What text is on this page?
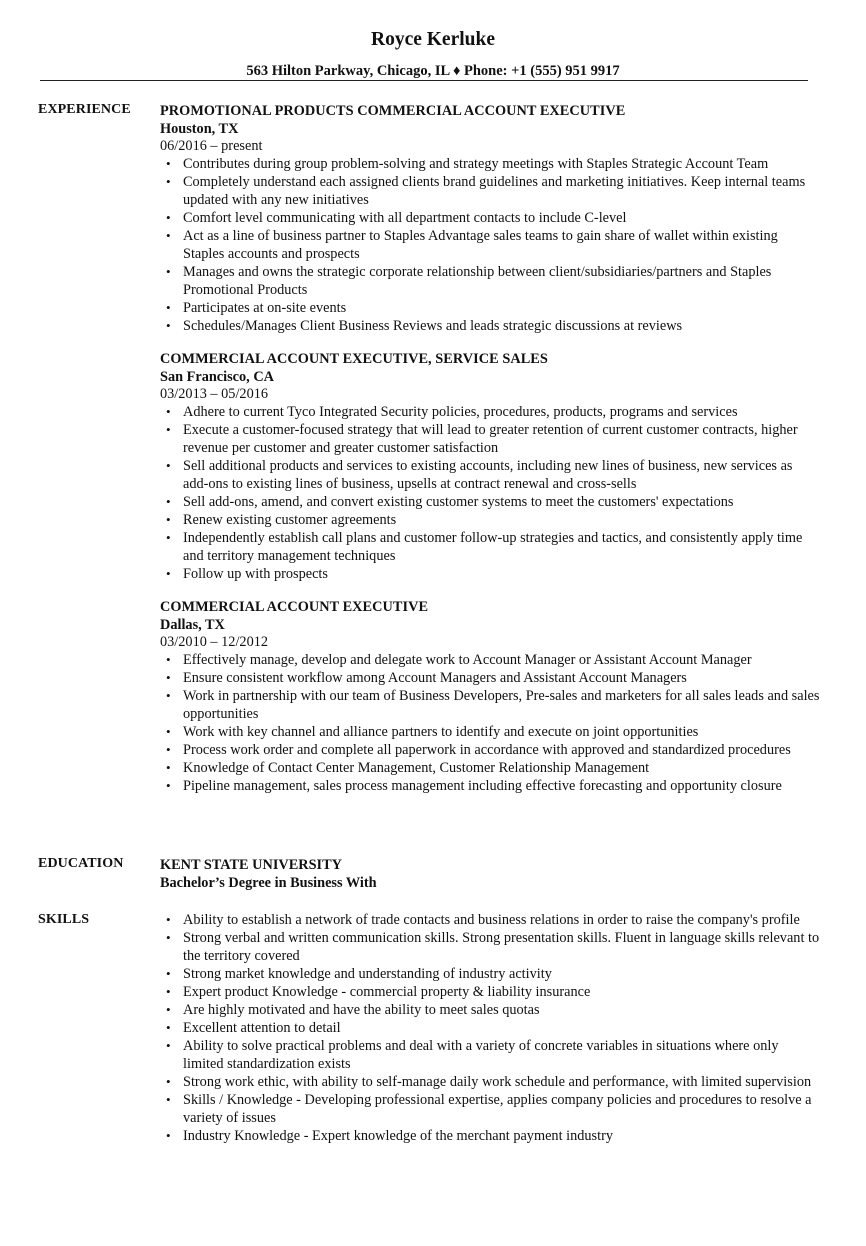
Royce Kerluke
563 Hilton Parkway, Chicago, IL ♦ Phone: +1 (555) 951 9917
EXPERIENCE PROMOTIONAL PRODUCTS COMMERCIAL ACCOUNT EXECUTIVE
Houston, TX
06/2016 – present
• Contributes during group problem-solving and strategy meetings with Staples Strategic Account Team
• Completely understand each assigned clients brand guidelines and marketing initiatives. Keep internal teams updated with any new initiatives
• Comfort level communicating with all department contacts to include C-level
• Act as a line of business partner to Staples Advantage sales teams to gain share of wallet within existing Staples accounts and prospects
• Manages and owns the strategic corporate relationship between client/subsidiaries/partners and Staples Promotional Products
• Participates at on-site events
• Schedules/Manages Client Business Reviews and leads strategic discussions at reviews
COMMERCIAL ACCOUNT EXECUTIVE, SERVICE SALES
San Francisco, CA
03/2013 – 05/2016
• Adhere to current Tyco Integrated Security policies, procedures, products, programs and services
• Execute a customer-focused strategy that will lead to greater retention of current customer contracts, higher revenue per customer and greater customer satisfaction
• Sell additional products and services to existing accounts, including new lines of business, new services as add-ons to existing lines of business, upsells at contract renewal and cross-sells
• Sell add-ons, amend, and convert existing customer systems to meet the customers' expectations
• Renew existing customer agreements
• Independently establish call plans and customer follow-up strategies and tactics, and consistently apply time and territory management techniques
• Follow up with prospects
COMMERCIAL ACCOUNT EXECUTIVE
Dallas, TX
03/2010 – 12/2012
• Effectively manage, develop and delegate work to Account Manager or Assistant Account Manager
• Ensure consistent workflow among Account Managers and Assistant Account Managers
• Work in partnership with our team of Business Developers, Pre-sales and marketers for all sales leads and sales opportunities
• Work with key channel and alliance partners to identify and execute on joint opportunities
• Process work order and complete all paperwork in accordance with approved and standardized procedures
• Knowledge of Contact Center Management, Customer Relationship Management
• Pipeline management, sales process management including effective forecasting and opportunity closure
EDUCATION	KENT STATE UNIVERSITY
Bachelor’s Degree in Business With
SKILLS
•	Ability to establish a network of trade contacts and business relations in order to raise the company's profile
• Strong verbal and written communication skills. Strong presentation skills. Fluent in language skills relevant to the territory covered
• Strong market knowledge and understanding of industry activity
• Expert product Knowledge - commercial property & liability insurance
• Are highly motivated and have the ability to meet sales quotas
• Excellent attention to detail
• Ability to solve practical problems and deal with a variety of concrete variables in situations where only limited standardization exists
• Strong work ethic, with ability to self-manage daily work schedule and performance, with limited supervision
• Skills / Knowledge - Developing professional expertise, applies company policies and procedures to resolve a variety of issues
• Industry Knowledge - Expert knowledge of the merchant payment industry
